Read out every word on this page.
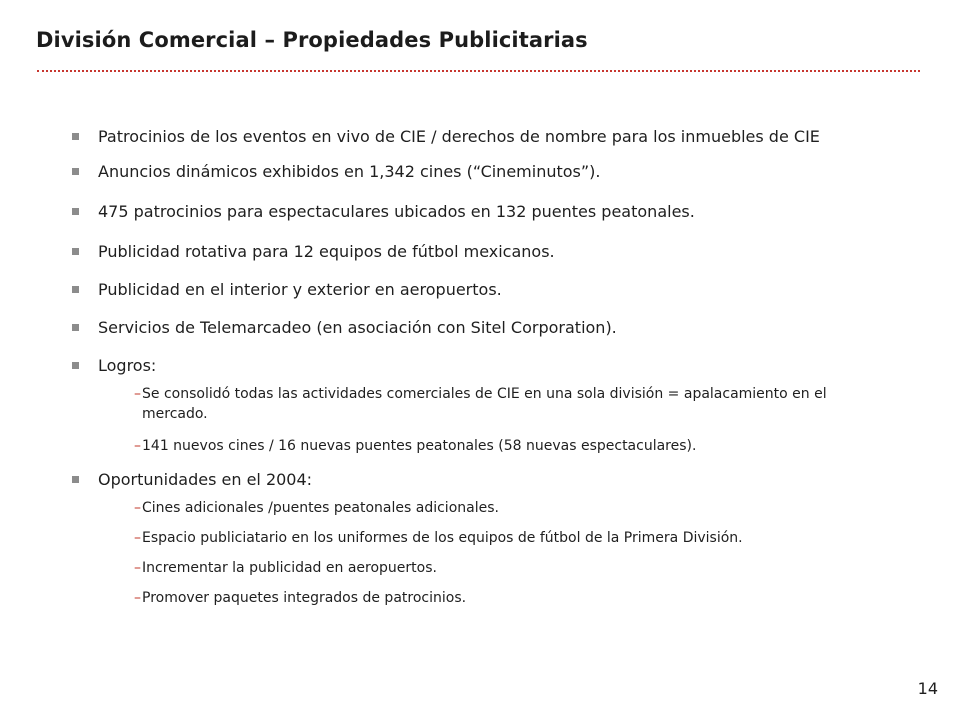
División Comercial – Propiedades Publicitarias
Patrocinios de los eventos en vivo de CIE / derechos de nombre para los inmuebles de CIE
Anuncios dinámicos exhibidos en 1,342 cines (“Cineminutos”).
475 patrocinios para espectaculares ubicados en 132 puentes peatonales.
Publicidad rotativa para 12 equipos de fútbol mexicanos.
Publicidad en el interior y exterior en aeropuertos.
Servicios de Telemarcadeo (en asociación con Sitel Corporation).
Logros:
– Se consolidó todas las actividades comerciales de CIE en una sola división = apalacamiento en el mercado.
– 141 nuevos cines / 16 nuevas puentes peatonales (58 nuevas espectaculares).
Oportunidades en el 2004:
– Cines adicionales /puentes peatonales adicionales.
– Espacio publiciatario en los uniformes de los equipos de fútbol de la Primera División.
– Incrementar la publicidad en aeropuertos.
– Promover paquetes integrados de patrocinios.
14
